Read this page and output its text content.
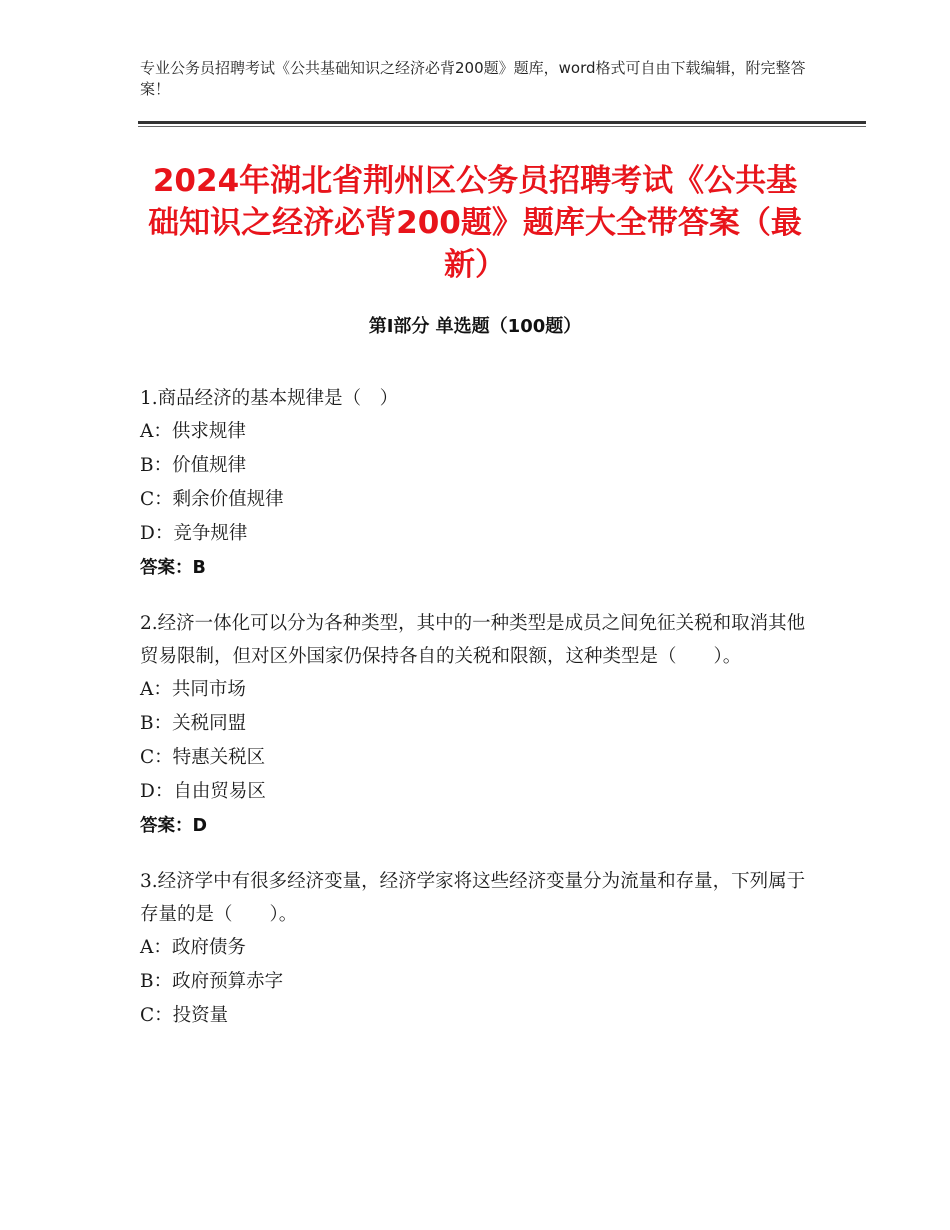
专业公务员招聘考试《公共基础知识之经济必背200题》题库，word格式可自由下载编辑，附完整答案！
2024年湖北省荆州区公务员招聘考试《公共基础知识之经济必背200题》题库大全带答案（最新）
第Ⅰ部分 单选题（100题）
1.商品经济的基本规律是（　）
A：供求规律
B：价值规律
C：剩余价值规律
D：竞争规律
答案：B
2.经济一体化可以分为各种类型，其中的一种类型是成员之间免征关税和取消其他贸易限制，但对区外国家仍保持各自的关税和限额，这种类型是（　　）。
A：共同市场
B：关税同盟
C：特惠关税区
D：自由贸易区
答案：D
3.经济学中有很多经济变量，经济学家将这些经济变量分为流量和存量，下列属于存量的是（　　）。
A：政府债务
B：政府预算赤字
C：投资量
